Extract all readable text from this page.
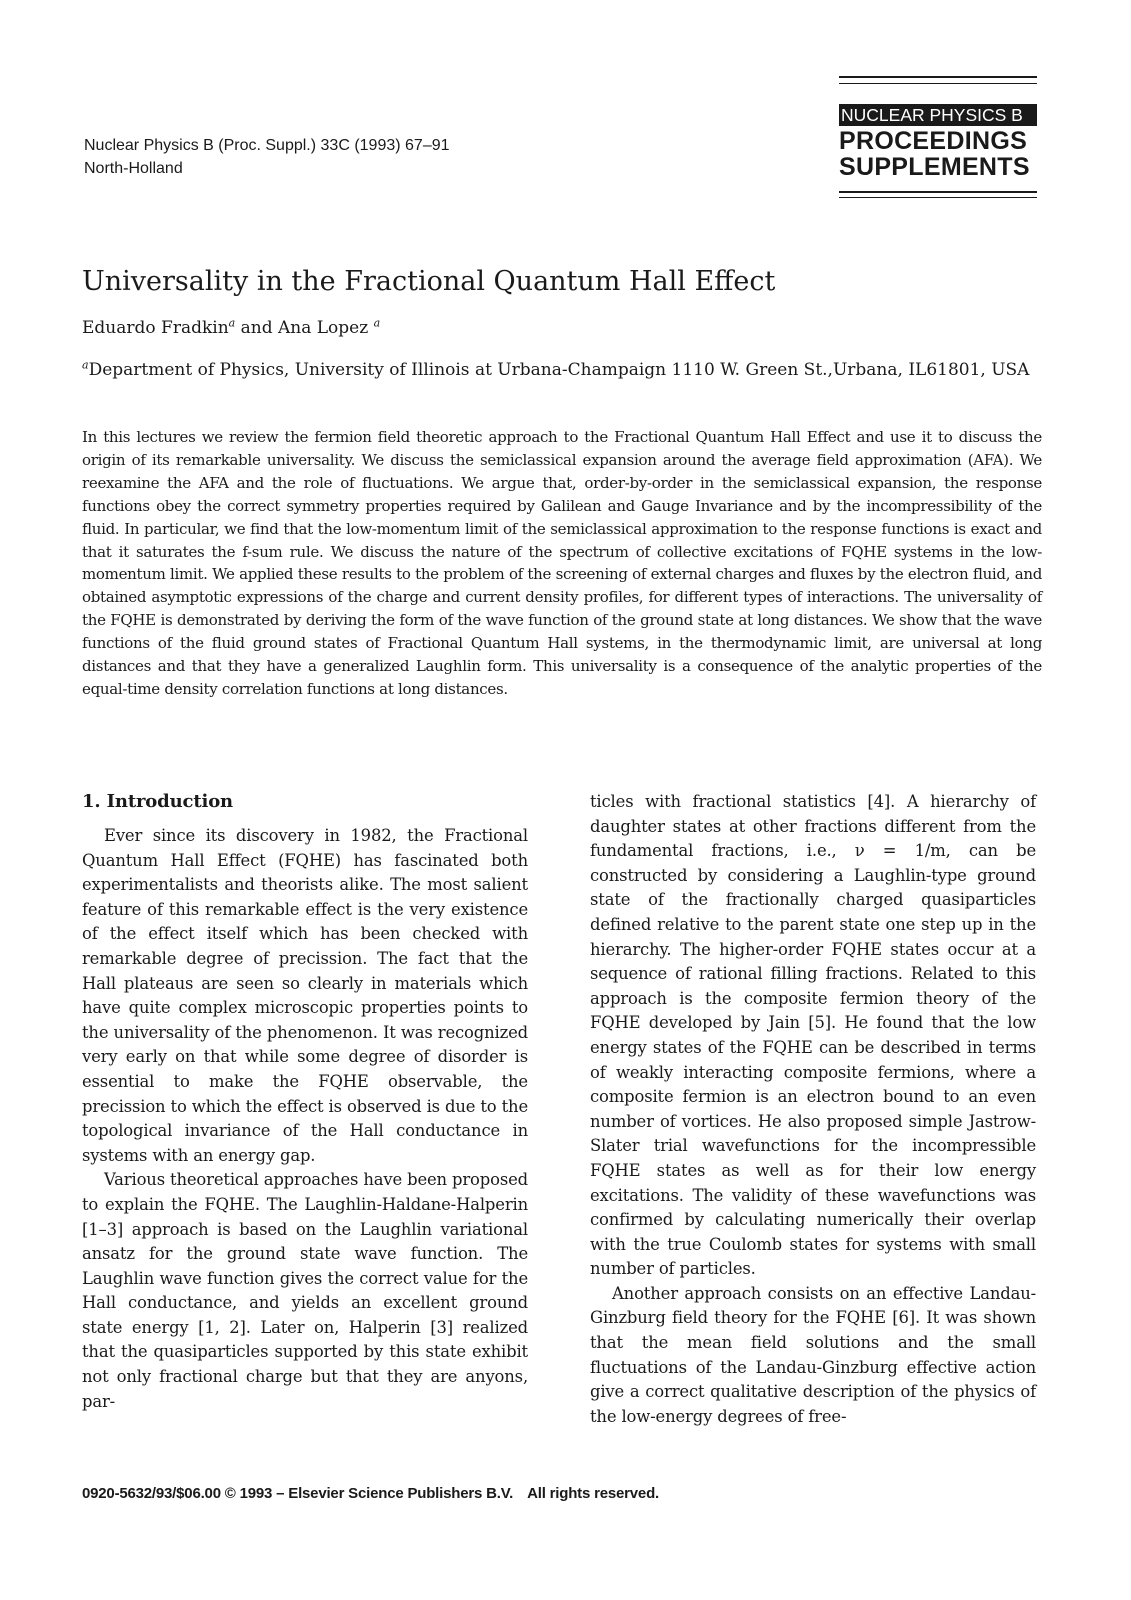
Nuclear Physics B (Proc. Suppl.) 33C (1993) 67–91
North-Holland
NUCLEAR PHYSICS B
PROCEEDINGS
SUPPLEMENTS
Universality in the Fractional Quantum Hall Effect
Eduardo Fradkin$^a$ and Ana Lopez $^a$
$^a$Department of Physics, University of Illinois at Urbana-Champaign 1110 W. Green St.,Urbana, IL61801, USA
In this lectures we review the fermion field theoretic approach to the Fractional Quantum Hall Effect and use it to discuss the origin of its remarkable universality. We discuss the semiclassical expansion around the average field approximation (AFA). We reexamine the AFA and the role of fluctuations. We argue that, order-by-order in the semiclassical expansion, the response functions obey the correct symmetry properties required by Galilean and Gauge Invariance and by the incompressibility of the fluid. In particular, we find that the low-momentum limit of the semiclassical approximation to the response functions is exact and that it saturates the f-sum rule. We discuss the nature of the spectrum of collective excitations of FQHE systems in the low-momentum limit. We applied these results to the problem of the screening of external charges and fluxes by the electron fluid, and obtained asymptotic expressions of the charge and current density profiles, for different types of interactions. The universality of the FQHE is demonstrated by deriving the form of the wave function of the ground state at long distances. We show that the wave functions of the fluid ground states of Fractional Quantum Hall systems, in the thermodynamic limit, are universal at long distances and that they have a generalized Laughlin form. This universality is a consequence of the analytic properties of the equal-time density correlation functions at long distances.
1. Introduction

Ever since its discovery in 1982, the Fractional Quantum Hall Effect (FQHE) has fascinated both experimentalists and theorists alike. The most salient feature of this remarkable effect is the very existence of the effect itself which has been checked with remarkable degree of precission. The fact that the Hall plateaus are seen so clearly in materials which have quite complex microscopic properties points to the universality of the phenomenon. It was recognized very early on that while some degree of disorder is essential to make the FQHE observable, the precission to which the effect is observed is due to the topological invariance of the Hall conductance in systems with an energy gap.

Various theoretical approaches have been proposed to explain the FQHE. The Laughlin-Haldane-Halperin [1–3] approach is based on the Laughlin variational ansatz for the ground state wave function. The Laughlin wave function gives the correct value for the Hall conductance, and yields an excellent ground state energy [1, 2]. Later on, Halperin [3] realized that the quasiparticles supported by this state exhibit not only fractional charge but that they are anyons, par-

ticles with fractional statistics [4]. A hierarchy of daughter states at other fractions different from the fundamental fractions, i.e., ν = 1/m, can be constructed by considering a Laughlin-type ground state of the fractionally charged quasiparticles defined relative to the parent state one step up in the hierarchy. The higher-order FQHE states occur at a sequence of rational filling fractions. Related to this approach is the composite fermion theory of the FQHE developed by Jain [5]. He found that the low energy states of the FQHE can be described in terms of weakly interacting composite fermions, where a composite fermion is an electron bound to an even number of vortices. He also proposed simple Jastrow-Slater trial wavefunctions for the incompressible FQHE states as well as for their low energy excitations. The validity of these wavefunctions was confirmed by calculating numerically their overlap with the true Coulomb states for systems with small number of particles.

Another approach consists on an effective Landau-Ginzburg field theory for the FQHE [6]. It was shown that the mean field solutions and the small fluctuations of the Landau-Ginzburg effective action give a correct qualitative description of the physics of the low-energy degrees of free-

0920-5632/93/$06.00 © 1993 – Elsevier Science Publishers B.V. All rights reserved.
